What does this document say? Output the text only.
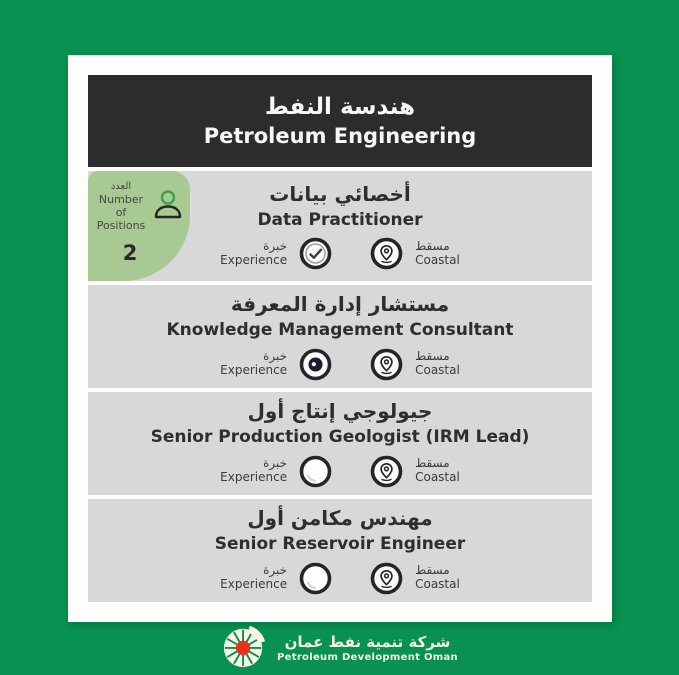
هندسة النفط
Petroleum Engineering
العدد
Number of
Positions
2
أخصائي بيانات
Data Practitioner
خبرة
Experience
مسقط
Coastal
مستشار إدارة المعرفة
Knowledge Management Consultant
خبرة
Experience
مسقط
Coastal
جيولوجي إنتاج أول
Senior Production Geologist (IRM Lead)
خبرة
Experience
مسقط
Coastal
مهندس مكامن أول
Senior Reservoir Engineer
خبرة
Experience
مسقط
Coastal
شركة تنمية نفط عمان
Petroleum Development Oman
